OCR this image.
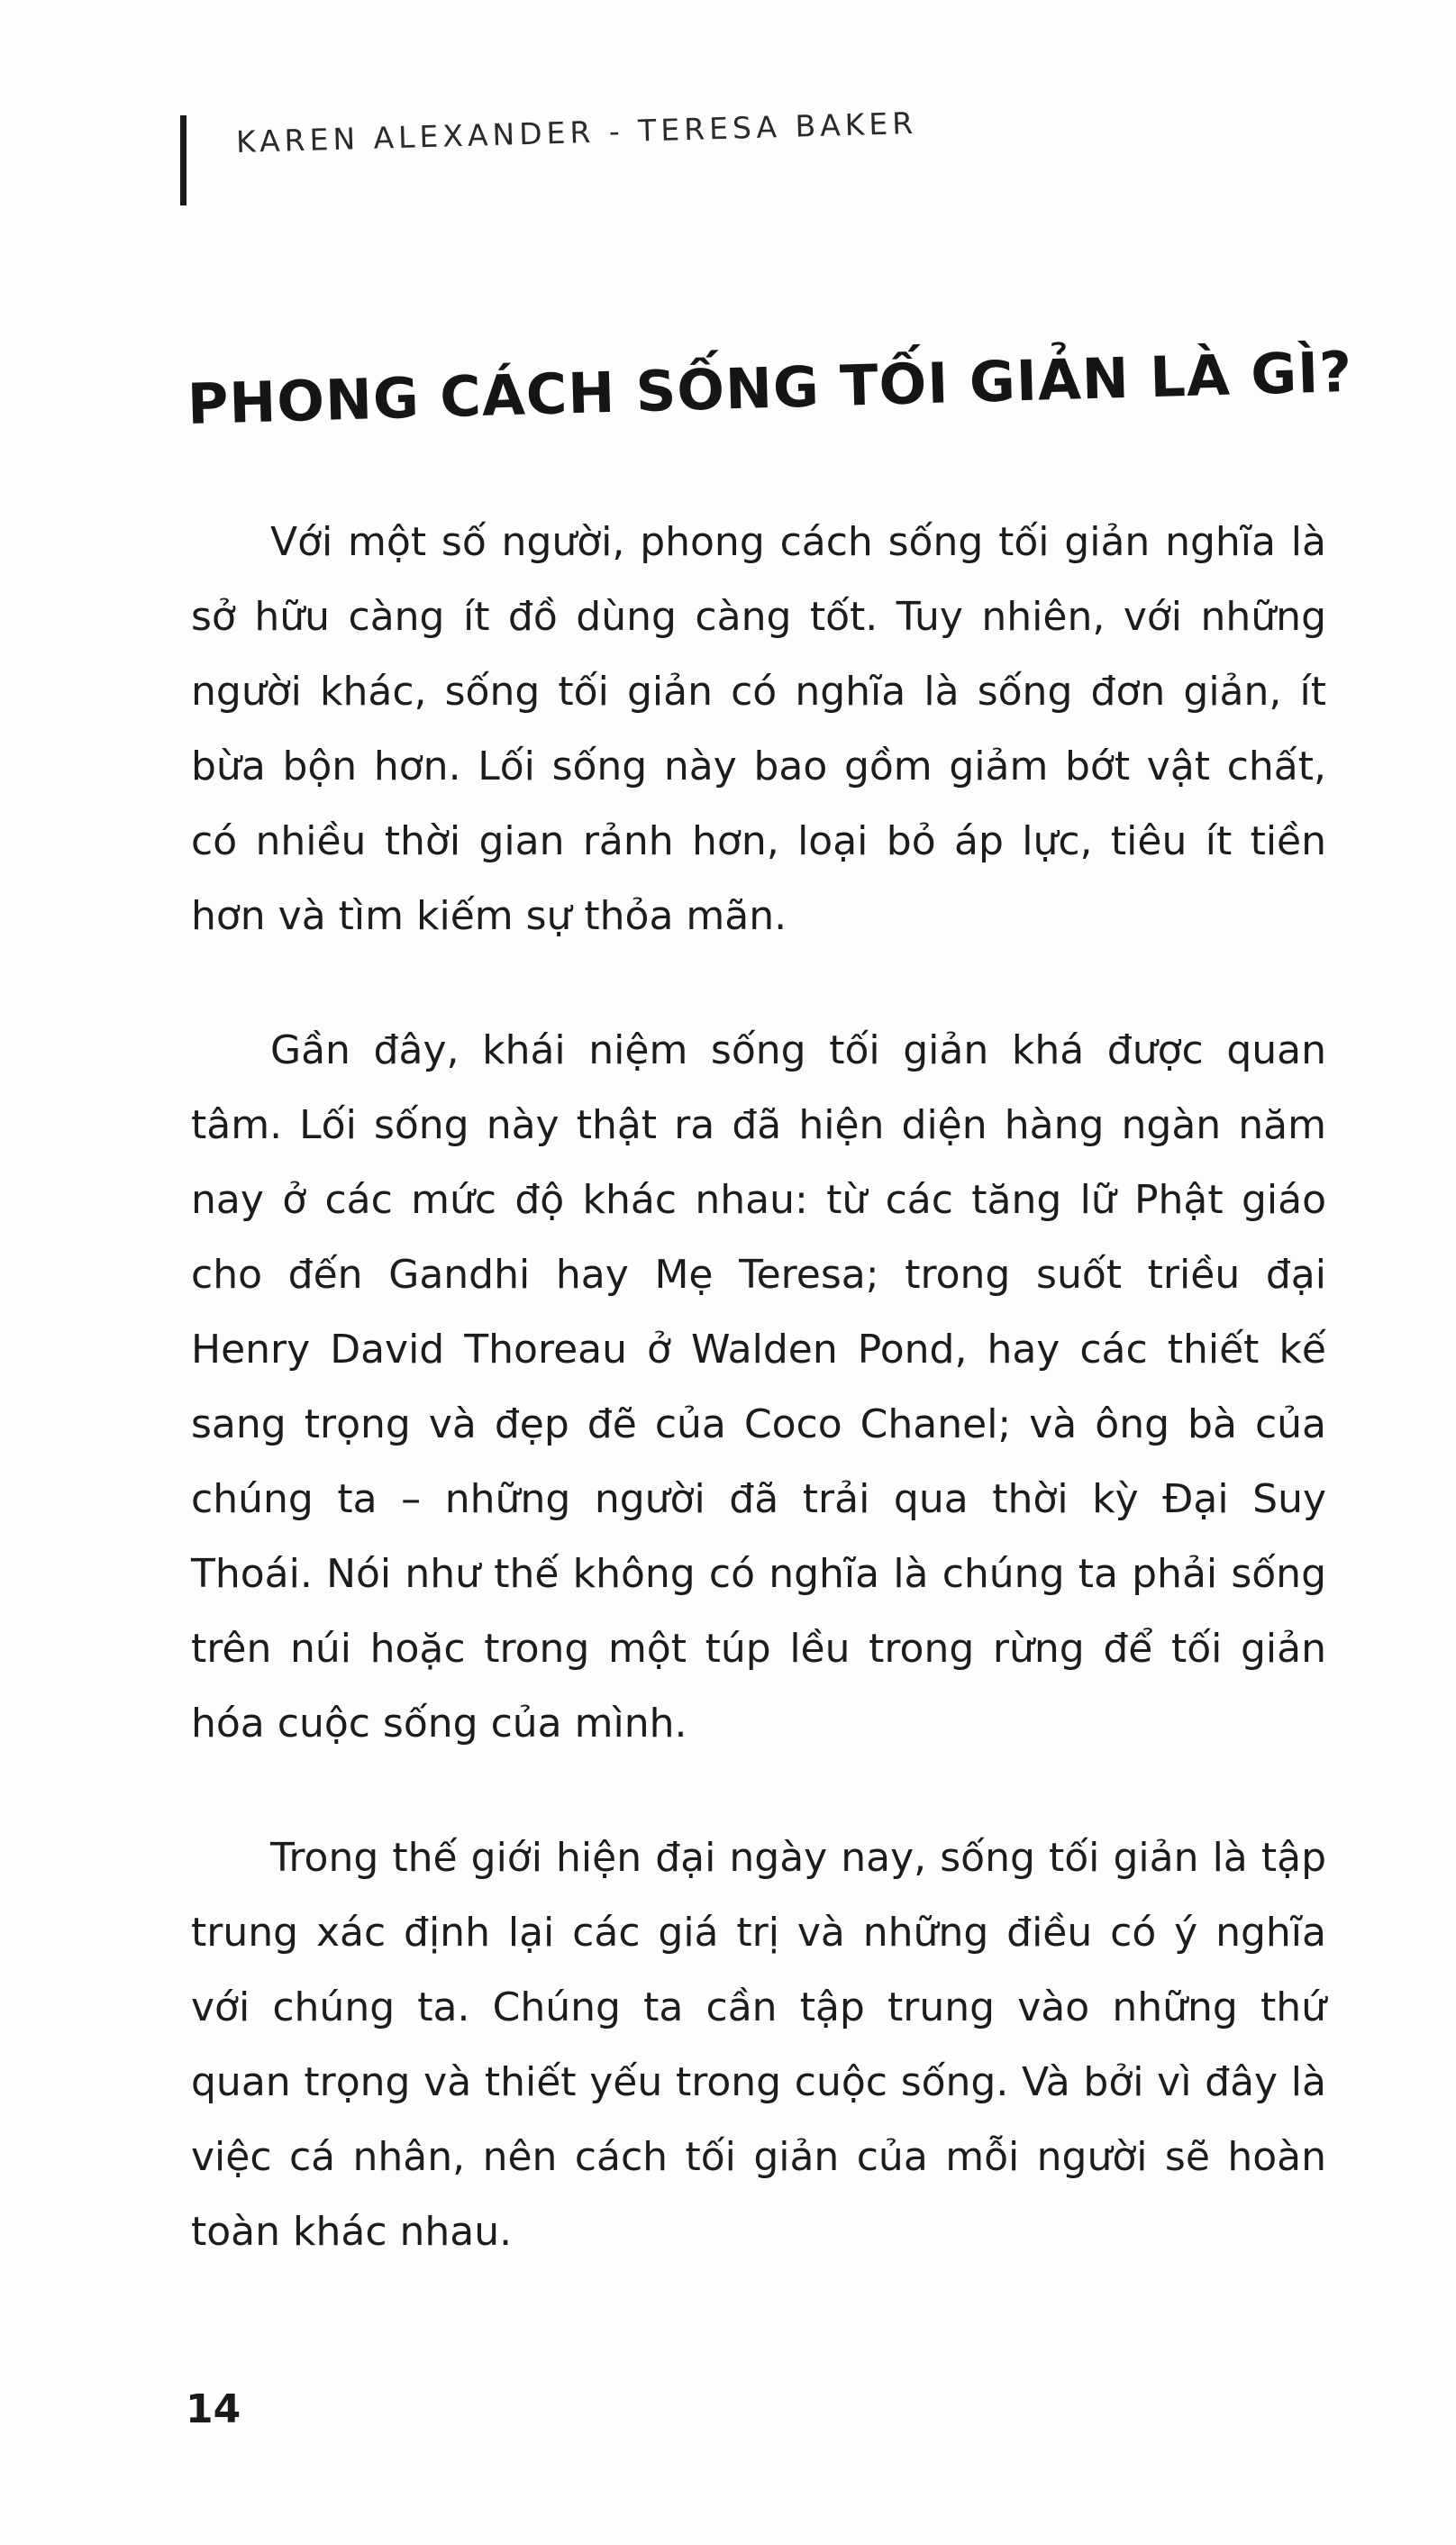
KAREN ALEXANDER - TERESA BAKER
PHONG CÁCH SỐNG TỐI GIẢN LÀ GÌ?

Với một số người, phong cách sống tối giản nghĩa là sở hữu càng ít đồ dùng càng tốt. Tuy nhiên, với những người khác, sống tối giản có nghĩa là sống đơn giản, ít bừa bộn hơn. Lối sống này bao gồm giảm bớt vật chất, có nhiều thời gian rảnh hơn, loại bỏ áp lực, tiêu ít tiền hơn và tìm kiếm sự thỏa mãn.

Gần đây, khái niệm sống tối giản khá được quan tâm. Lối sống này thật ra đã hiện diện hàng ngàn năm nay ở các mức độ khác nhau: từ các tăng lữ Phật giáo cho đến Gandhi hay Mẹ Teresa; trong suốt triều đại Henry David Thoreau ở Walden Pond, hay các thiết kế sang trọng và đẹp đẽ của Coco Chanel; và ông bà của chúng ta – những người đã trải qua thời kỳ Đại Suy Thoái. Nói như thế không có nghĩa là chúng ta phải sống trên núi hoặc trong một túp lều trong rừng để tối giản hóa cuộc sống của mình.

Trong thế giới hiện đại ngày nay, sống tối giản là tập trung xác định lại các giá trị và những điều có ý nghĩa với chúng ta. Chúng ta cần tập trung vào những thứ quan trọng và thiết yếu trong cuộc sống. Và bởi vì đây là việc cá nhân, nên cách tối giản của mỗi người sẽ hoàn toàn khác nhau.

14
